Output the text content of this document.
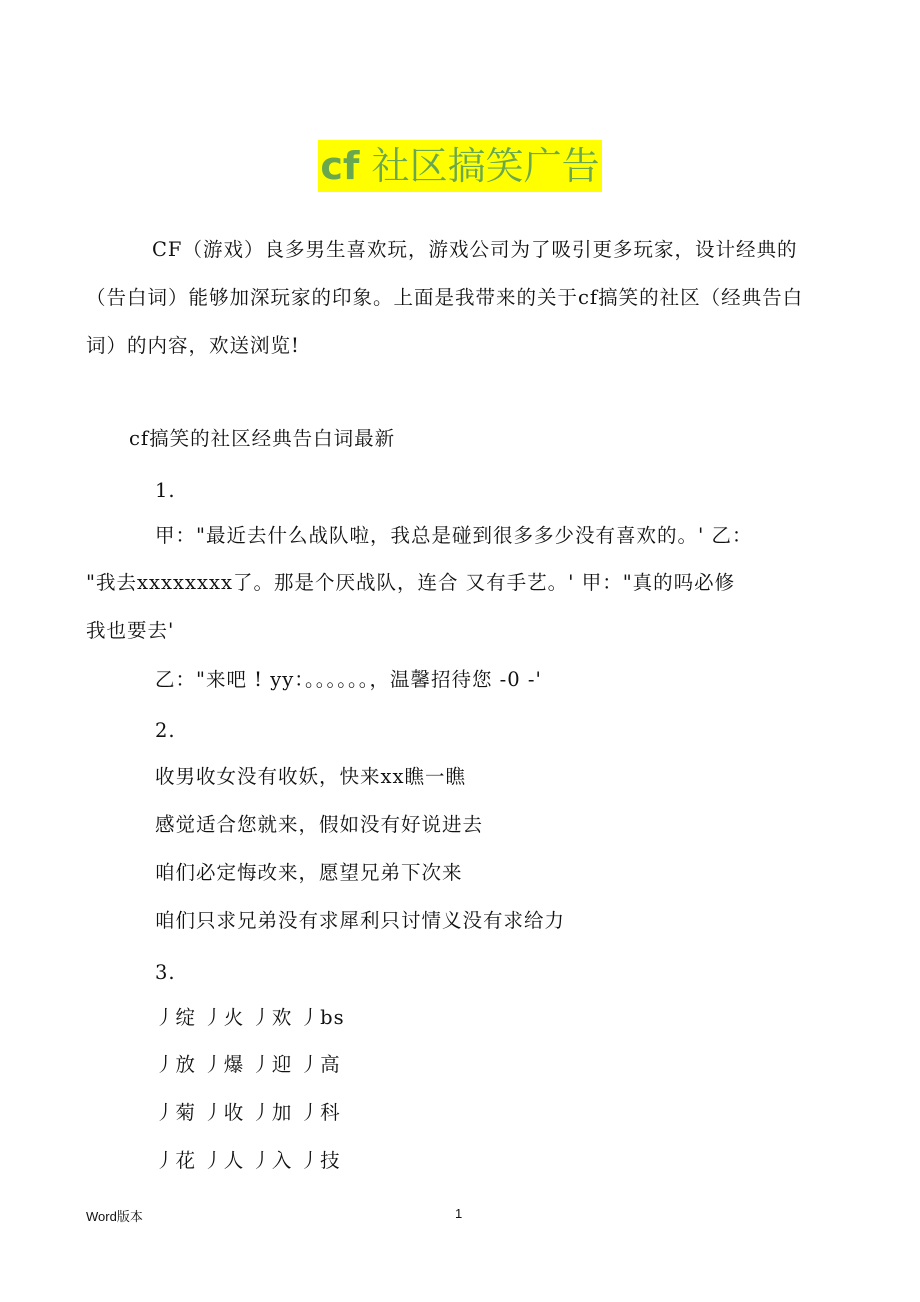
cf 社区搞笑广告
CF（游戏）良多男生喜欢玩，游戏公司为了吸引更多玩家，设计经典的（告白词）能够加深玩家的印象。上面是我带来的关于cf搞笑的社区（经典告白词）的内容，欢送浏览!
cf搞笑的社区经典告白词最新
1.
甲："最近去什么战队啦，我总是碰到很多多少没有喜欢的。' 乙：
"我去xxxxxxxx了。那是个厌战队，连合 又有手艺。' 甲："真的吗必修
我也要去'
乙："来吧 ! yy：。。。。。。，温馨招待您 -0 -'
2.
收男收女没有收妖，快来xx瞧一瞧
感觉适合您就来，假如没有好说进去
咱们必定悔改来，愿望兄弟下次来
咱们只求兄弟没有求犀利只讨情义没有求给力
3.
丿绽 丿火 丿欢 丿bs
丿放 丿爆 丿迎 丿高
丿菊 丿收 丿加 丿科
丿花 丿人 丿入 丿技
Word版本	1
